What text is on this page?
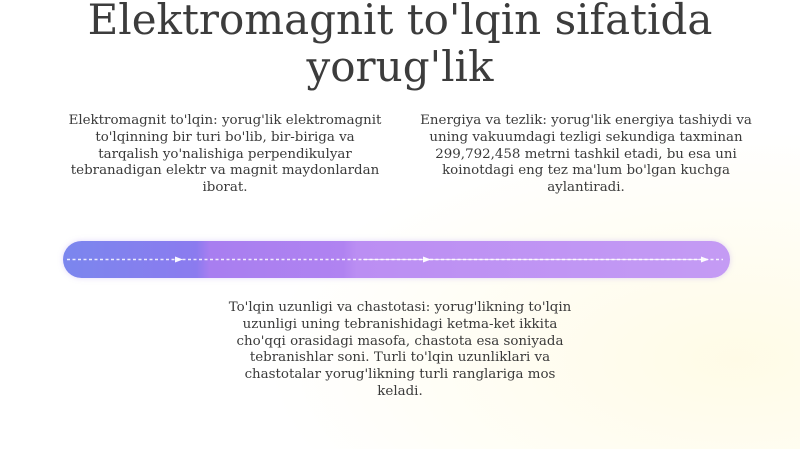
Elektromagnit to'lqin sifatida yorug'lik

Elektromagnit to'lqin: yorug'lik elektromagnit to'lqinning bir turi bo'lib, bir-biriga va tarqalish yo'nalishiga perpendikulyar tebranadigan elektr va magnit maydonlardan iborat.

Energiya va tezlik: yorug'lik energiya tashiydi va uning vakuumdagi tezligi sekundiga taxminan 299,792,458 metrni tashkil etadi, bu esa uni koinotdagi eng tez ma'lum bo'lgan kuchga aylantiradi.

To'lqin uzunligi va chastotasi: yorug'likning to'lqin uzunligi uning tebranishidagi ketma-ket ikkita cho'qqi orasidagi masofa, chastota esa soniyada tebranishlar soni. Turli to'lqin uzunliklari va chastotalar yorug'likning turli ranglariga mos keladi.
